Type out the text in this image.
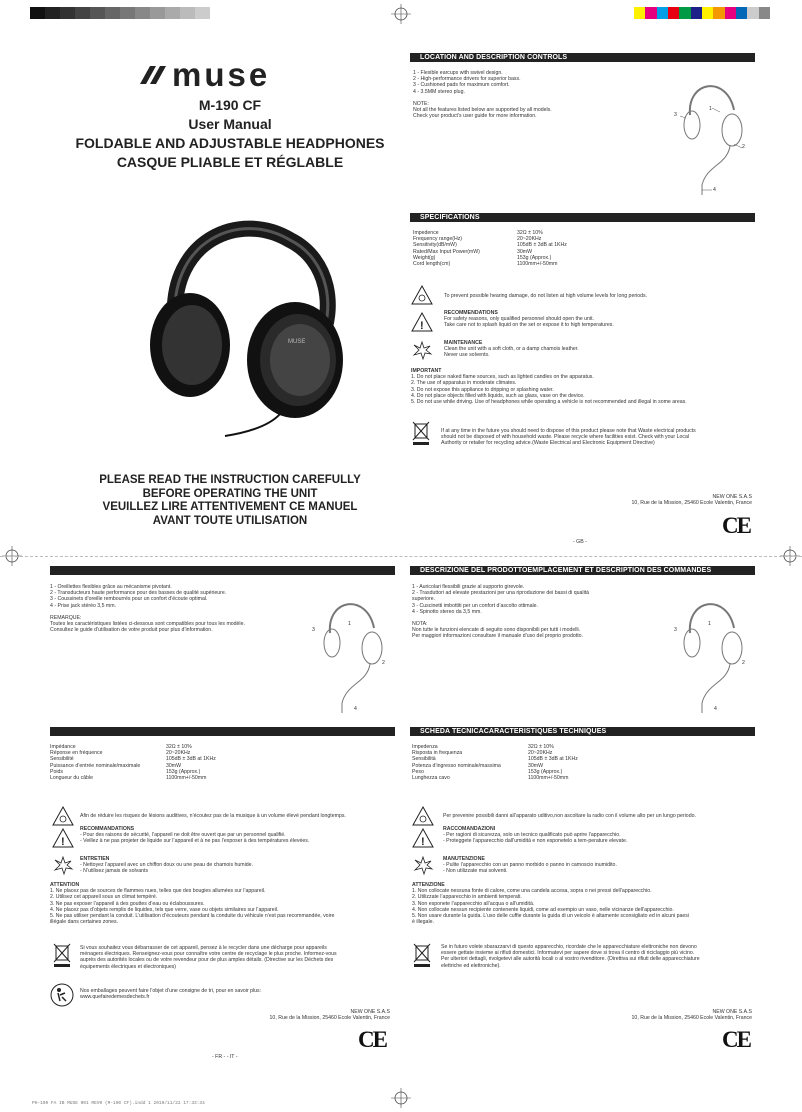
muse
M-190 CF
User Manual
FOLDABLE AND ADJUSTABLE HEADPHONES
CASQUE PLIABLE ET RÉGLABLE
MUSE
PLEASE READ THE INSTRUCTION CAREFULLY
BEFORE OPERATING THE UNIT
VEUILLEZ LIRE ATTENTIVEMENT CE MANUEL
AVANT TOUTE UTILISATION
LOCATION AND DESCRIPTION CONTROLS
1 - Flexible earcups with swivel design.
2 - High-performance drivers for superior bass.
3 - Cushioned pads for maximum comfort.
4 - 3.5MM stereo plug.
NOTE:
Not all the features listed below are supported by all models.
Check your product’s user guide for more information.	3
1
2
4
SPECIFICATIONS
Impedence	32Ω ± 10%
Frequency range(Hz)	20~20KHz
Sensitivity(dB/mW)	105dB ± 3dB at 1KHz
Rated/Max Input Power(mW)	30mW
Weight(g)	153g (Approx.)
Cord length(cm)	1100mm+/-50mm
To prevent possible hearing damage, do not listen at high volume levels for long periods.
!
RECOMMENDATIONS
For safety reasons, only qualified personnel should open the unit.
Take care not to splash liquid on the set or expose it to high temperatures.
MAINTENANCE
Clean the unit with a soft cloth, or a damp chamois leather.
Never use solvents.
IMPORTANT
1. Do not place naked flame sources, such as lighted candles on the apparatus.
2. The use of apparatus in moderate climates.
3. Do not expose this appliance to dripping or splashing water.
4. Do not place objects filled with liquids, such as glass, vase on the device.
5. Do not use while driving. Use of headphones while operating a vehicle is not recommended and illegal in some areas.
If at any time in the future you should need to dispose of this product please note that Waste electrical products
should not be disposed of with household waste. Please recycle where facilities exist. Check with your Local
Authority or retailer for recycling advice.(Waste Electrical and Electronic Equipment Directive)
NEW ONE S.A.S
10, Rue de la Mission, 25460 Ecole Valentin, France
CE
- GB -
1 - Oreillettes flexibles grâce au mécanisme pivotant.
2 - Transducteurs haute performance pour des basses de qualité supérieure.
3 - Coussinets d’oreille rembourrés pour un confort d’écoute optimal.
4 - Prise jack stéréo 3,5 mm.
REMARQUE:
Toutes les caractéristiques listées ci-dessous sont compatibles pour tous les modèle.
Consultez le guide d’utilisation de votre produit pour plus d’information.	3
1
2
4
Impédance	32Ω ± 10%
Réponse en fréquence	20~20KHz
Sensibilité	105dB ± 3dB at 1KHz
Puissance d’entrée nominale/maximale	30mW
Poids	153g (Approx.)
Longueur du câble	1100mm+/-50mm
Afin de réduire les risques de lésions auditives, n’écoutez pas de la musique à un volume élevé pendant longtemps.
!
RECOMMANDATIONS
- Pour des raisons de sécurité, l’appareil ne doit être ouvert que par un personnel qualifié.
- Veillez à ne pas projeter de liquide sur l’appareil et à ne pas l’exposer à des températures élevées.
ENTRETIEN
- Nettoyez l’appareil avec un chiffon doux ou une peau de chamois humide.
- N’utilisez jamais de solvants
ATTENTION
1. Ne placez pas de sources de flammes nues, telles que des bougies allumées sur l’appareil.
2. Utilisez cet appareil sous un climat tempéré.
3. Ne pas exposer l’appareil à des gouttes d’eau ou éclaboussures.
4. Ne placez pas d’objets remplis de liquides, tels que verre, vase ou objets similaires sur l’appareil.
5. Ne pas utiliser pendant la conduit. L’utilisation d’écouteurs pendant la conduite du véhicule n’est pas recommandée, voire
illégale dans certaines zones.
Si vous souhaitez vous débarrasser de cet appareil, pensez à le recycler dans une décharge pour appareils
ménagers électriques. Renseignez-vous pour connaître votre centre de recyclage le plus proche. Informez-vous
auprès des autorités locales ou de votre revendeur pour de plus amples détails. (Directive sur les Déchets des
équipements électriques et électroniques)
Nos emballages peuvent faire l’objet d’une consigne de tri, pour en savoir plus:
www.quefairedemesdechets.fr
NEW ONE S.A.S
10, Rue de la Mission, 25460 Ecole Valentin, France
CE
- FR - - IT -
DESCRIZIONE DEL PRODOTTOEMPLACEMENT ET DESCRIPTION DES COMMANDES
1 - Auricolari flessibili grazie al supporto girevole.
2 - Trasduttori ad elevate prestazioni per una riproduzione dei bassi di qualità
superiore.
3 - Cuscinetti imbottiti per un confort d’ascolto ottimale.
4 - Spinotto stereo da 3,5 mm.
NOTA:
Non tutte le funzioni elencate di seguito sono disponibili per tutti i modelli.
Per maggiori informazioni consultare il manuale d’uso del proprio prodotto.
3
1
2
4
SCHEDA TECNICACARACTERISTIQUES TECHNIQUES
Impedenza	32Ω ± 10%
Risposta in frequenza	20~20KHz
Sensibilità	105dB ± 3dB at 1KHz
Potenza d’ingresso nominale/massima	30mW
Peso	153g (Approx.)
Lunghezza cavo	1100mm+/-50mm
Per prevenire possibili danni all’apparato uditivo,non ascoltare la radio con il volume alto per un lungo periodo.
!
RACCOMANDAZIONI
- Per ragioni di sicurezza, solo un tecnico qualificato può aprire l’apparecchio.
- Proteggete l’apparecchio dall’umidità e non esponetelo a tem-perature elevate.
MANUTENZIONE
- Pulite l’apparecchio con un panno morbido o panno in camoscio inumidito.
- Non utilizzate mai solventi.
ATTENZIONE
1. Non collocate nessuna fonte di calore, come una candela accesa, sopra o nei pressi dell’apparecchio.
2. Utilizzate l’apparecchio in ambienti temperati.
3. Non esponete l’apparecchio all’acqua o all’umidità.
4. Non collocate nessun recipiente contenente liquidi, come ad esempio un vaso, nelle vicinanze dell’apparecchio.
5. Non usare durante la guida. L’uso delle cuffie durante la guida di un veicolo è altamente sconsigliato ed in alcuni paesi
è illegale.
Se in futuro volete sbarazzarvi di questo apparecchio, ricordate che le apparecchiature elettroniche non devono
essere gettate insieme ai rifiuti domestici. Informatevi per sapere dove si trova il centro di riciclaggio più vicino.
Per ulteriori dettagli, rivolgetevi alle autorità locali o al vostro rivenditore. (Direttiva sui rifiuti delle apparecchiature
elettriche ed elettroniche).
NEW ONE S.A.S
10, Rue de la Mission, 25460 Ecole Valentin, France
CE
PH-190 FA IB MUSE 001 REV0 (M-190 CF).indd 1 2019/11/22 17:33:34
